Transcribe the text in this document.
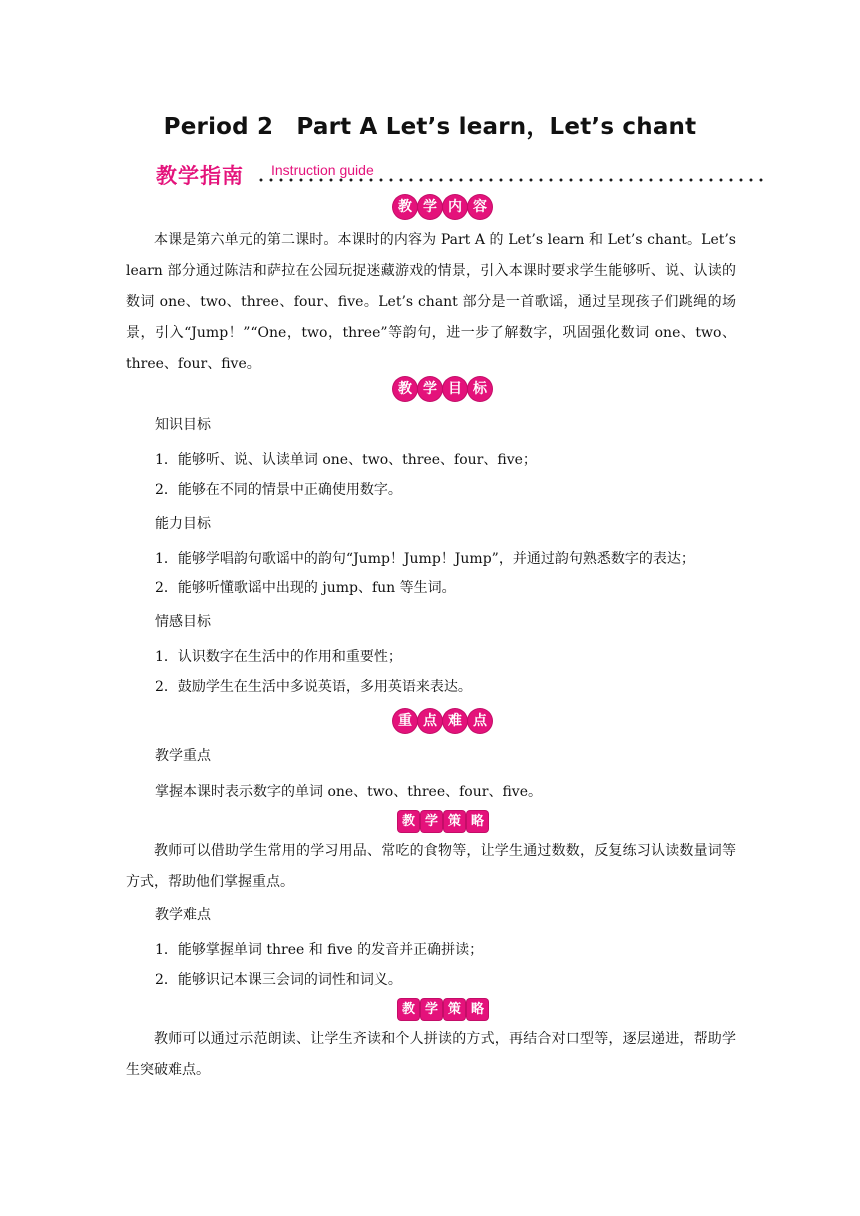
Period 2　Part A Let’s learn，Let’s chant
教学指南 Instruction guide
教 学 内 容

本课是第六单元的第二课时。本课时的内容为 Part A 的 Let’s learn 和 Let’s chant。Let’s learn 部分通过陈洁和萨拉在公园玩捉迷藏游戏的情景，引入本课时要求学生能够听、说、认读的数词 one、two、three、four、five。Let’s chant 部分是一首歌谣，通过呈现孩子们跳绳的场景，引入“Jump！”“One，two，three”等韵句，进一步了解数字，巩固强化数词 one、two、three、four、five。

教 学 目 标

知识目标

1．能够听、说、认读单词 one、two、three、four、five；

2．能够在不同的情景中正确使用数字。

能力目标

1．能够学唱韵句歌谣中的韵句“Jump！Jump！Jump”，并通过韵句熟悉数字的表达；

2．能够听懂歌谣中出现的 jump、fun 等生词。

情感目标

1．认识数字在生活中的作用和重要性；

2．鼓励学生在生活中多说英语，多用英语来表达。

重 点 难 点

教学重点

掌握本课时表示数字的单词 one、two、three、four、five。

教 学 策 略

教师可以借助学生常用的学习用品、常吃的食物等，让学生通过数数，反复练习认读数量词等方式，帮助他们掌握重点。

教学难点

1．能够掌握单词 three 和 five 的发音并正确拼读；

2．能够识记本课三会词的词性和词义。

教 学 策 略

教师可以通过示范朗读、让学生齐读和个人拼读的方式，再结合对口型等，逐层递进，帮助学生突破难点。
